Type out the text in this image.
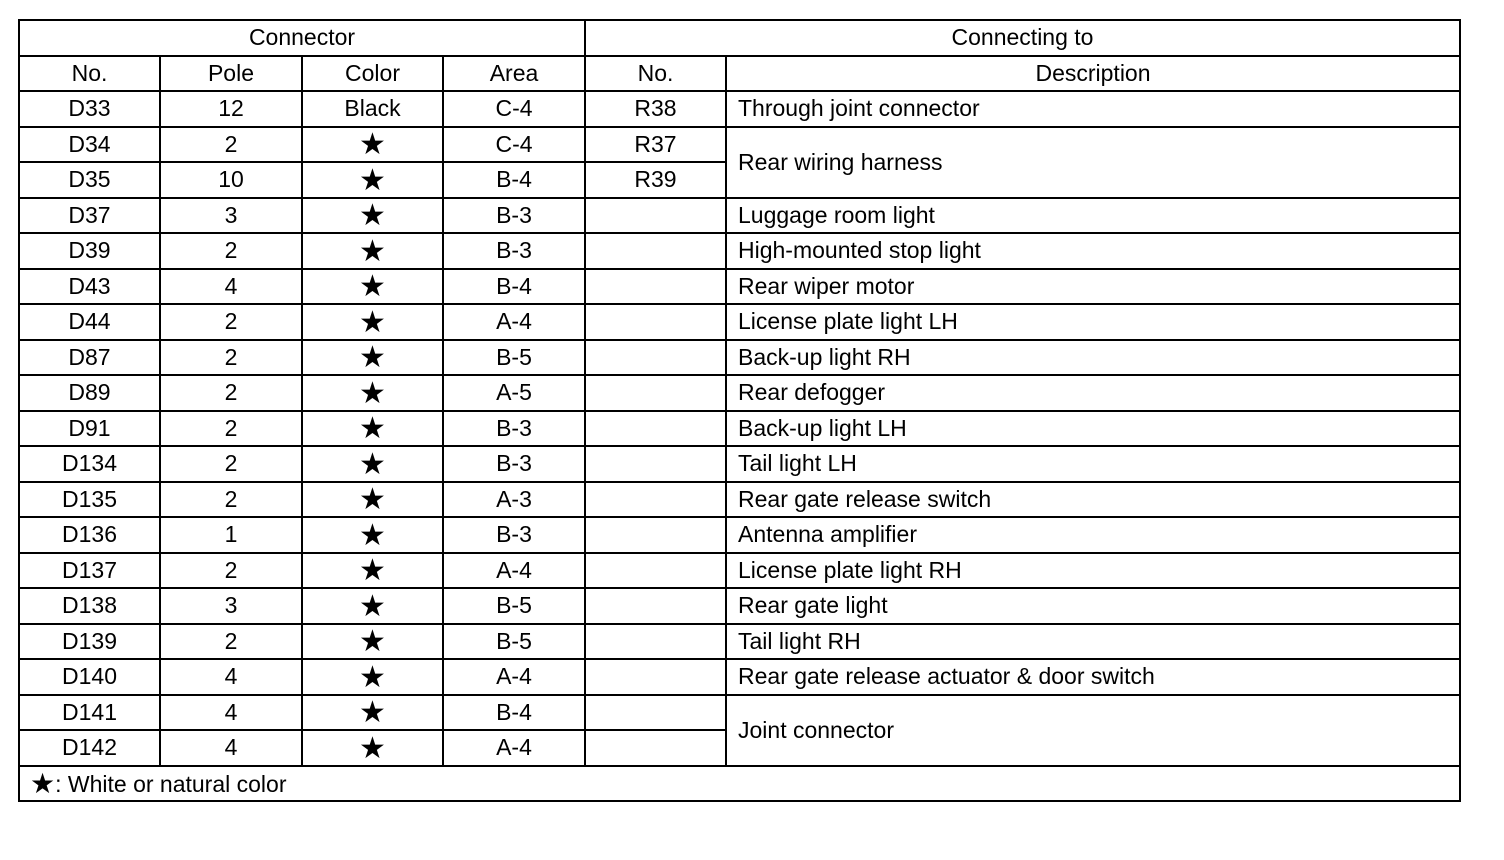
Connector				Connecting to	
No.	Pole	Color	Area	No.	Description
D33	12	Black	C-4	R38	Through joint connector
D34	2	★	C-4	R37	Rear wiring harness
D35	10	★	B-4	R39	
D37	3	★	B-3		Luggage room light
D39	2	★	B-3		High-mounted stop light
D43	4	★	B-4		Rear wiper motor
D44	2	★	A-4		License plate light LH
D87	2	★	B-5		Back-up light RH
D89	2	★	A-5		Rear defogger
D91	2	★	B-3		Back-up light LH
D134	2	★	B-3		Tail light LH
D135	2	★	A-3		Rear gate release switch
D136	1	★	B-3		Antenna amplifier
D137	2	★	A-4		License plate light RH
D138	3	★	B-5		Rear gate light
D139	2	★	B-5		Tail light RH
D140	4	★	A-4		Rear gate release actuator & door switch
D141	4	★	B-4		Joint connector
D142	4	★	A-4		
★: White or natural color					
